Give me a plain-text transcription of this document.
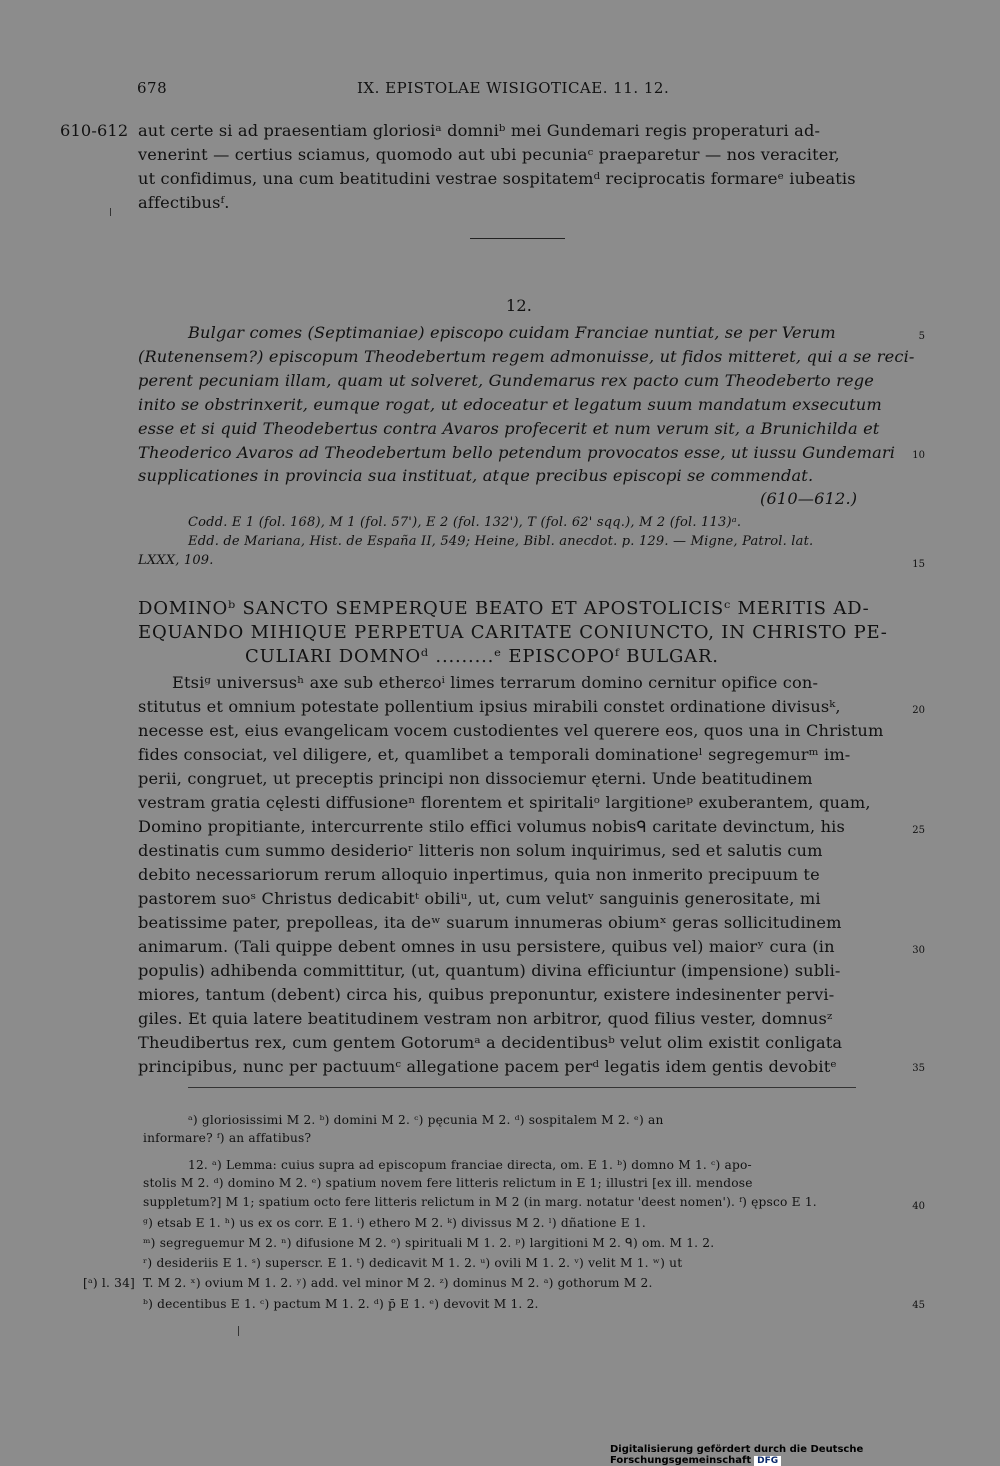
678	IX. EPISTOLAE WISIGOTICAE. 11. 12.
610-612 aut certe si ad praesentiam gloriosiᵃ domniᵇ mei Gundemari regis properaturi ad-
venerint — certius sciamus, quomodo aut ubi pecuniaᶜ praeparetur — nos veraciter,
ut confidimus, una cum beatitudini vestrae sospitatemᵈ reciprocatis formareᵉ iubeatis
affectibusᶠ.
12.
Bulgar comes (Septimaniae) episcopo cuidam Franciae nuntiat, se per Verum
(Rutenensem?) episcopum Theodebertum regem admonuisse, ut fidos mitteret, qui a se reci-
perent pecuniam illam, quam ut solveret, Gundemarus rex pacto cum Theodeberto rege
inito se obstrinxerit, eumque rogat, ut edoceatur et legatum suum mandatum exsecutum
esse et si quid Theodebertus contra Avaros profecerit et num verum sit, a Brunichilda et
Theoderico Avaros ad Theodebertum bello petendum provocatos esse, ut iussu Gundemari
supplicationes in provincia sua instituat, atque precibus episcopi se commendat.
(610—612.)
Codd. E 1 (fol. 168), M 1 (fol. 57'), E 2 (fol. 132'), T (fol. 62' sqq.), M 2 (fol. 113)ᵃ.
Edd. de Mariana, Hist. de España II, 549; Heine, Bibl. anecdot. p. 129. — Migne, Patrol. lat.
LXXX, 109.
DOMINOᵇ SANCTO SEMPERQUE BEATO ET APOSTOLICISᶜ MERITIS AD-
EQUANDO MIHIQUE PERPETUA CARITATE CONIUNCTO, IN CHRISTO PE-
CULIARI DOMNOᵈ .........ᵉ EPISCOPOᶠ BULGAR.
Etsiᵍ universusʰ axe sub etherεoⁱ limes terrarum domino cernitur opifice con-
stitutus et omnium potestate pollentium ipsius mirabili constet ordinatione divisusᵏ,
necesse est, eius evangelicam vocem custodientes vel querere eos, quos una in Christum
fides consociat, vel diligere, et, quamlibet a temporali dominationeˡ segregemurᵐ im-
perii, congruet, ut preceptis principi non dissociemur ęterni. Unde beatitudinem
vestram gratia cęlesti diffusioneⁿ florentem et spiritaliᵒ largitioneᵖ exuberantem, quam,
Domino propitiante, intercurrente stilo effici volumus nobisᑫ caritate devinctum, his
destinatis cum summo desiderioʳ litteris non solum inquirimus, sed et salutis cum
debito necessariorum rerum alloquio inpertimus, quia non inmerito precipuum te
pastorem suoˢ Christus dedicabitᵗ obiliᵘ, ut, cum velutᵛ sanguinis generositate, mi
beatissime pater, prepolleas, ita deʷ suarum innumeras obiumˣ geras sollicitudinem
animarum. (Tali quippe debent omnes in usu persistere, quibus vel) maiorʸ cura (in
populis) adhibenda committitur, (ut, quantum) divina efficiuntur (impensione) subli-
miores, tantum (debent) circa his, quibus preponuntur, existere indesinenter pervi-
giles. Et quia latere beatitudinem vestram non arbitror, quod filius vester, domnusᶻ
Theudibertus rex, cum gentem Gotorumᵃ a decidentibusᵇ velut olim existit conligata
principibus, nunc per pactuumᶜ allegatione pacem perᵈ legatis idem gentis devobitᵉ
5
10
15
20
25
30
35
40
45
ᵃ) gloriosissimi M 2. ᵇ) domini M 2. ᶜ) pęcunia M 2. ᵈ) sospitalem M 2. ᵉ) an
informare? ᶠ) an affatibus?
12. ᵃ) Lemma: cuius supra ad episcopum franciae directa, om. E 1. ᵇ) domno M 1. ᶜ) apo-
stolis M 2. ᵈ) domino M 2. ᵉ) spatium novem fere litteris relictum in E 1; illustri [ex ill. mendose
suppletum?] M 1; spatium octo fere litteris relictum in M 2 (in marg. notatur 'deest nomen'). ᶠ) ępsco E 1.
ᵍ) etsab E 1. ʰ) us ex os corr. E 1. ⁱ) ethero M 2. ᵏ) divissus M 2. ˡ) dñatione E 1.
ᵐ) segreguemur M 2. ⁿ) difusione M 2. ᵒ) spirituali M 1. 2. ᵖ) largitioni M 2. ᑫ) om. M 1. 2.
ʳ) desideriis E 1. ˢ) superscr. E 1. ᵗ) dedicavit M 1. 2. ᵘ) ovili M 1. 2. ᵛ) velit M 1. ʷ) ut
[ᵃ) l. 34] T. M 2. ˣ) ovium M 1. 2. ʸ) add. vel minor M 2. ᶻ) dominus M 2. ᵃ) gothorum M 2.
ᵇ) decentibus E 1. ᶜ) pactum M 1. 2. ᵈ) p̄ E 1. ᵉ) devovit M 1. 2.
Digitalisierung gefördert durch die Deutsche Forschungsgemeinschaft DFG
